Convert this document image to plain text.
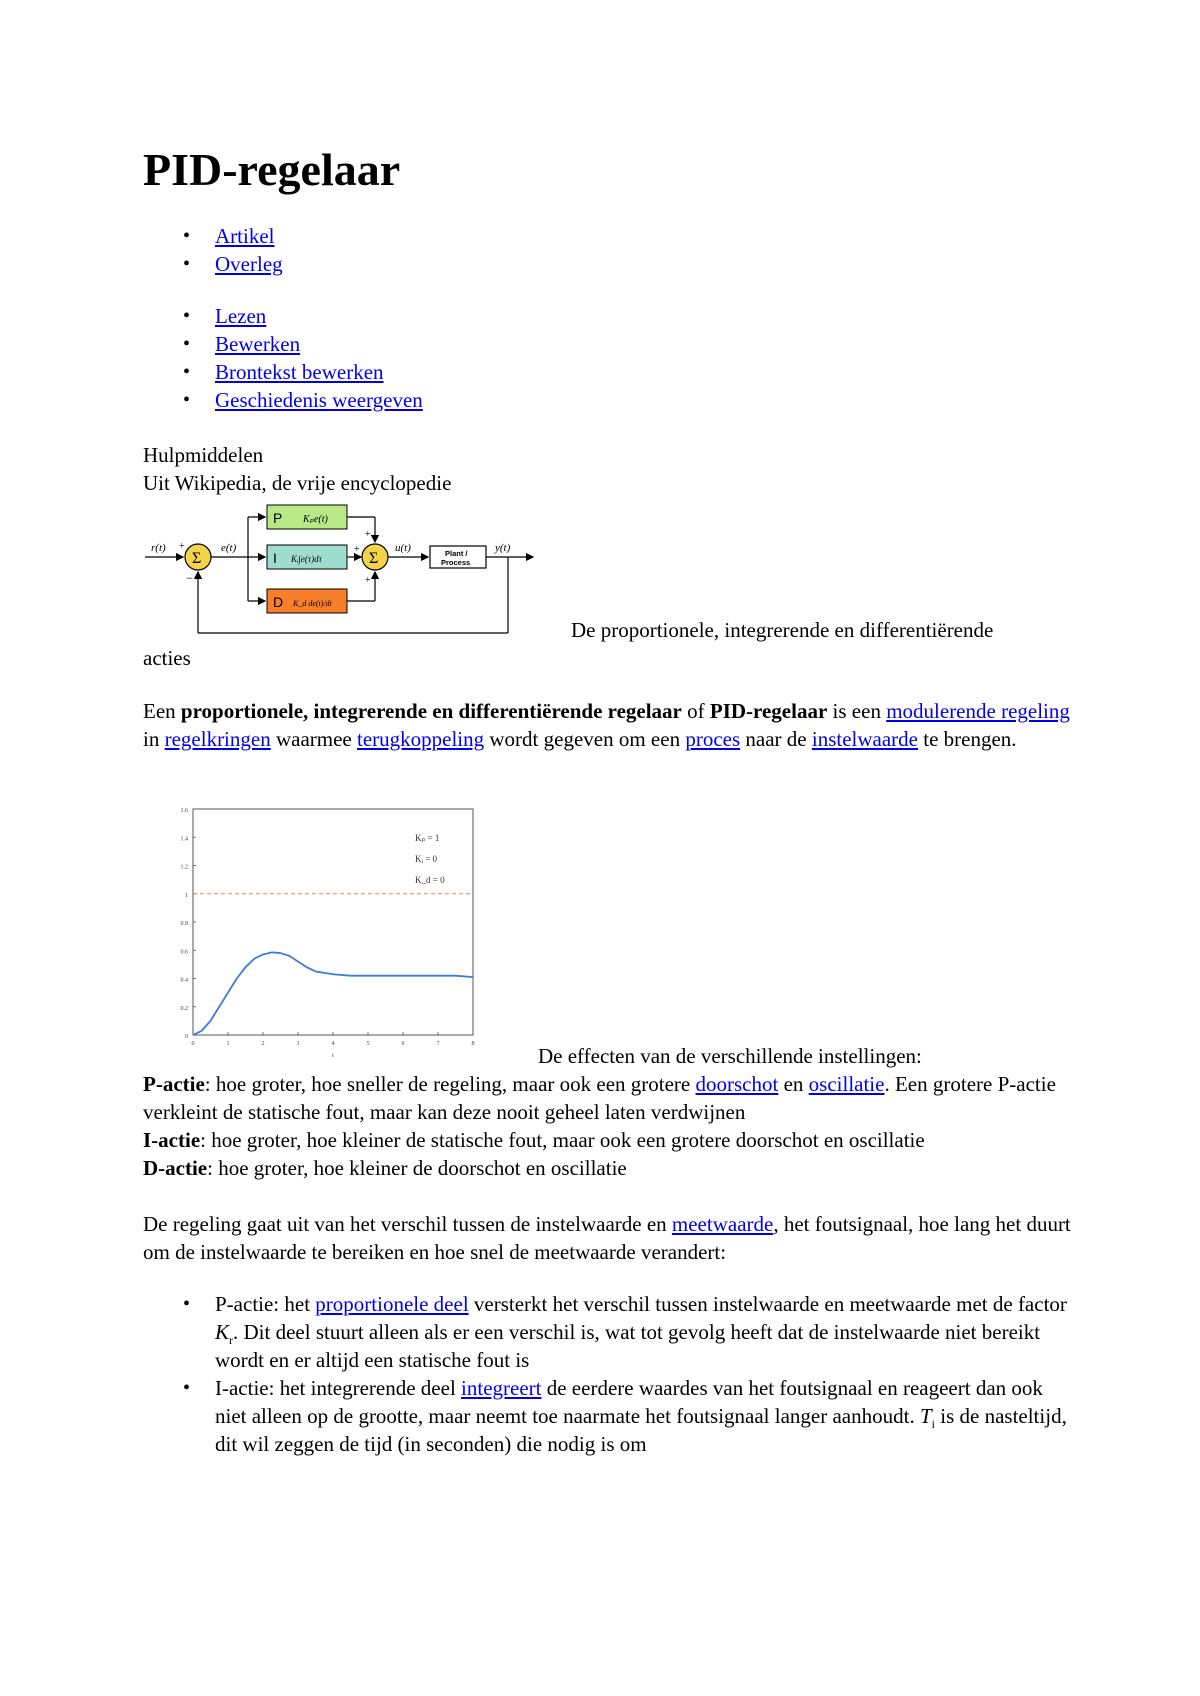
PID-regelaar
• Artikel
• Overleg
• Lezen
• Bewerken
• Brontekst bewerken
• Geschiedenis weergeven
Hulpmiddelen
Uit Wikipedia, de vrije encyclopedie
r(t)
Σ
+
−
e(t)
P Kₚe(t)
I Kᵢ∫e(τ)dτ
D K_d de(t)/dt
Σ
+
+
+
u(t)	Plant /
Process
y(t)
De proportionele, integrerende en differentiërende
acties

Een proportionele, integrerende en differentiërende regelaar of PID-regelaar is een modulerende regeling in regelkringen waarmee terugkoppeling wordt gegeven om een proces naar de instelwaarde te brengen.

0
0.2
0.4
0.6
0.8
1
1.2
1.4
1.6
0	1	2	3	4	5	6	7	8
t
Kₚ = 1
Kᵢ = 0
K_d = 0
De effecten van de verschillende instellingen:
P-actie: hoe groter, hoe sneller de regeling, maar ook een grotere doorschot en oscillatie. Een grotere P-actie verkleint de statische fout, maar kan deze nooit geheel laten verdwijnen
I-actie: hoe groter, hoe kleiner de statische fout, maar ook een grotere doorschot en oscillatie
D-actie: hoe groter, hoe kleiner de doorschot en oscillatie

De regeling gaat uit van het verschil tussen de instelwaarde en meetwaarde, het foutsignaal, hoe lang het duurt om de instelwaarde te bereiken en hoe snel de meetwaarde verandert:

• P-actie: het proportionele deel versterkt het verschil tussen instelwaarde en meetwaarde met de factor $K_r$. Dit deel stuurt alleen als er een verschil is, wat tot gevolg heeft dat de instelwaarde niet bereikt wordt en er altijd een statische fout is
• I-actie: het integrerende deel integreert de eerdere waardes van het foutsignaal en reageert dan ook niet alleen op de grootte, maar neemt toe naarmate het foutsignaal langer aanhoudt. $T_i$ is de nasteltijd, dit wil zeggen de tijd (in seconden) die nodig is om
